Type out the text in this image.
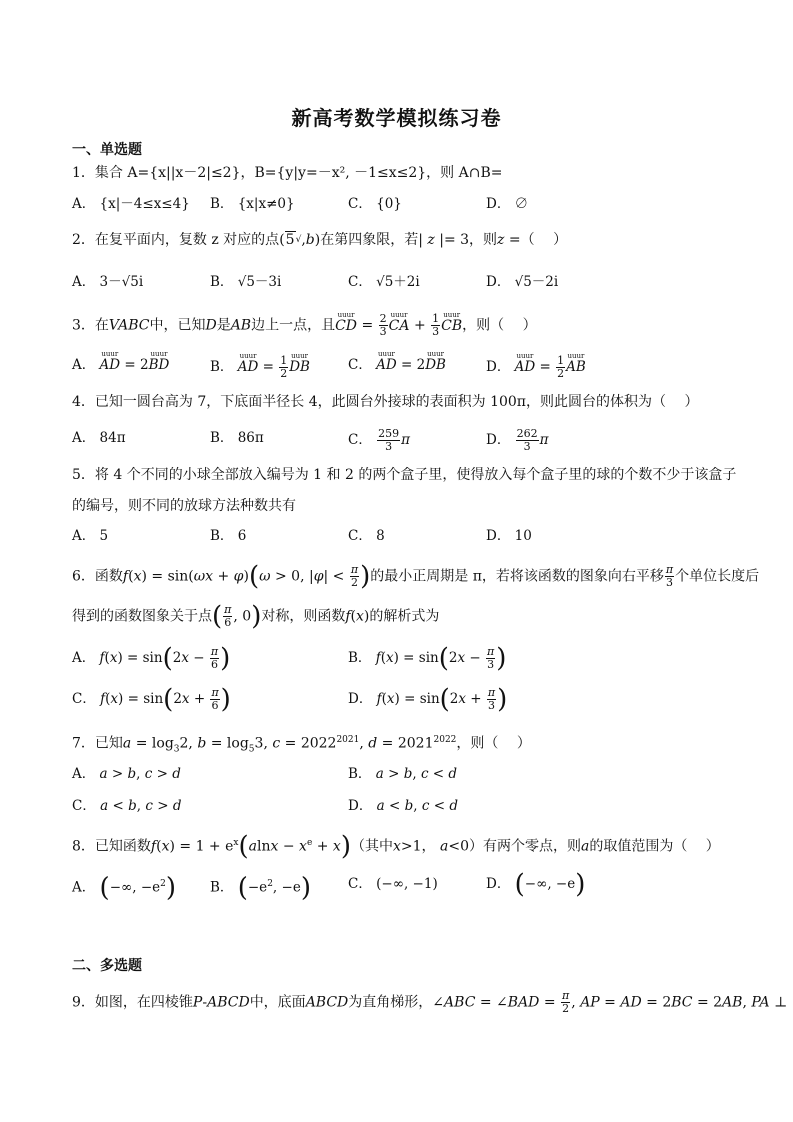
新高考数学模拟练习卷
一、单选题
1．集合 A={x||x－2|≤2}，B={y|y=－x², －1≤x≤2}，则 A∩B=
A． {x|－4≤x≤4} B． {x|x≠0}	C． {0}	D． ∅
2．在复平面内，复数 z 对应的点(5√,b)在第四象限，若| z |= 3，则z =（　 ）
A． 3－√5i	B． √5－3i	C． √5＋2i	D． √5－2i
3．在VABC中，已知D是AB边上一点，且uuur CD = $\frac{2}{3}$ uuur CA + $\frac{1}{3}$ uuur CB，则（　 ）
A． uuur AD = 2uuur BD	B． uuur AD = $\frac{1}{2}$ uuur DB	C． uuur AD = 2uuur DB	D． uuur AD = $\frac{1}{2}$ uuur AB
4．已知一圆台高为 7，下底面半径长 4，此圆台外接球的表面积为 100π，则此圆台的体积为（　 ）
A． 84π	B． 86π	C． $\frac{259}{3}$ π	D． $\frac{262}{3}$ π
5．将 4 个不同的小球全部放入编号为 1 和 2 的两个盒子里，使得放入每个盒子里的球的个数不少于该盒子
的编号，则不同的放球方法种数共有
A． 5	B． 6	C． 8	D． 10
6．函数f(x) = sin(ωx + φ)(ω > 0, $|\varphi| < \frac{\pi}{2}$ )的最小正周期是 π，若将该函数的图象向右平移 $\frac{\pi}{3}$ 个单位长度后
得到的函数图象关于点( $\frac{\pi}{6}$ , 0)对称，则函数f(x)的解析式为
A． $f(x) = \sin(2x - \frac{\pi}{6}$ )	B． $f(x) = \sin(2x - \frac{\pi}{3}$ )
C． $f(x) = \sin(2x + \frac{\pi}{6}$ )	D． $f(x) = \sin(2x + \frac{\pi}{3}$ )
7．已知$a = \log_32$, $b = \log_53$, $c = 2022^{2021}$, $d = 2021^{2022}$，则（　 ）
A． a > b, c > d	B． a > b, c < d
C． a < b, c > d	D． a < b, c < d
8．已知函数$f(x) = 1 + e^x(alnx - x^e + x)$（其中x>1， a<0）有两个零点，则a的取值范围为（　 ）
A． (−∞, $-e^2$)	B． ($-e^2$, −e)	C． (−∞, −1)	D． (−∞, −e)
二、多选题
9．如图，在四棱锥P-ABCD中，底面ABCD为直角梯形，∠ABC = ∠BAD = $\frac{\pi}{2}$ , AP = AD = 2BC = 2AB, PA ⊥
